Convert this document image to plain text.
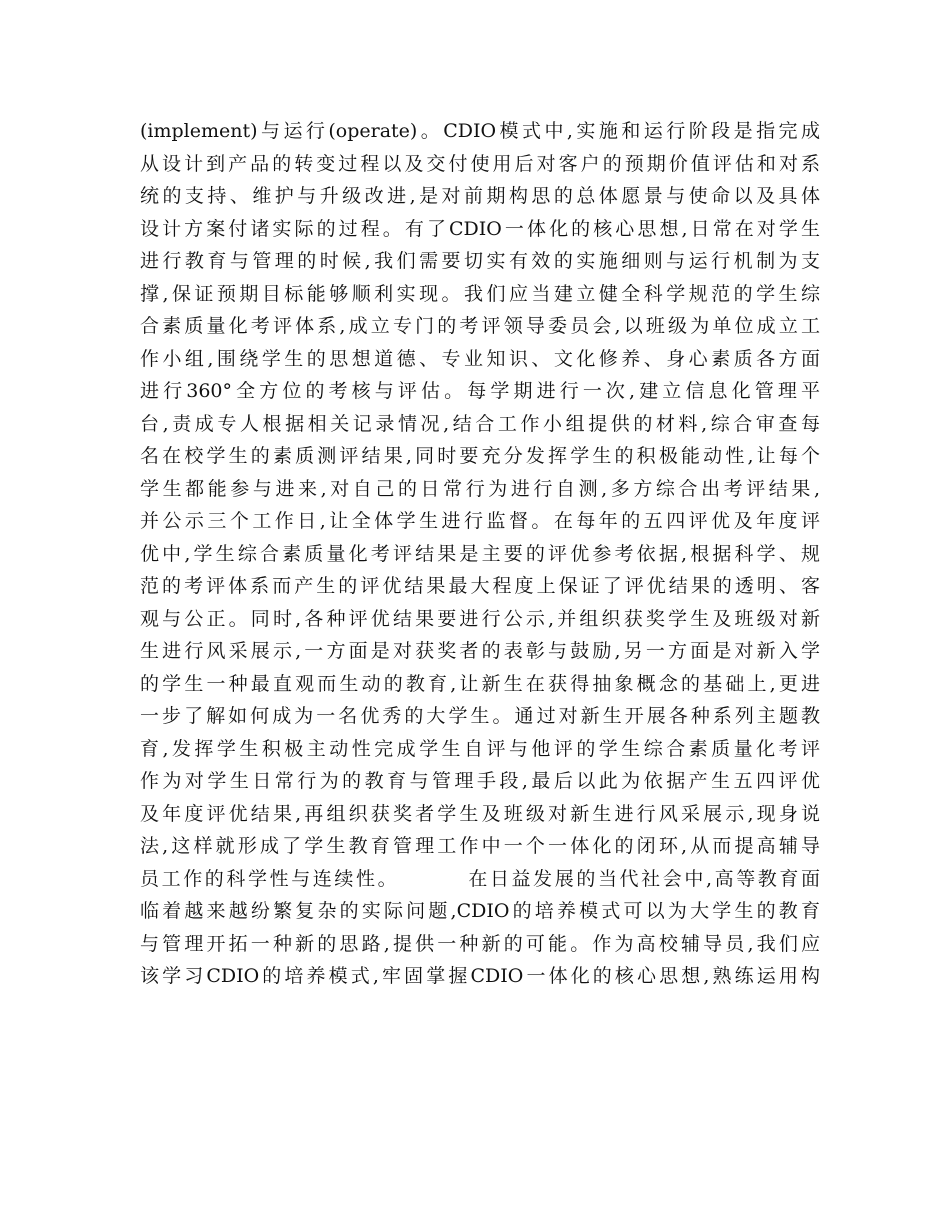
(implement)与运行(operate)。CDIO模式中,实施和运行阶段是指完成
从设计到产品的转变过程以及交付使用后对客户的预期价值评估和对系
统的支持、维护与升级改进,是对前期构思的总体愿景与使命以及具体
设计方案付诸实际的过程。有了CDIO一体化的核心思想,日常在对学生
进行教育与管理的时候,我们需要切实有效的实施细则与运行机制为支
撑,保证预期目标能够顺利实现。我们应当建立健全科学规范的学生综
合素质量化考评体系,成立专门的考评领导委员会,以班级为单位成立工
作小组,围绕学生的思想道德、专业知识、文化修养、身心素质各方面
进行360°全方位的考核与评估。每学期进行一次,建立信息化管理平
台,责成专人根据相关记录情况,结合工作小组提供的材料,综合审查每
名在校学生的素质测评结果,同时要充分发挥学生的积极能动性,让每个
学生都能参与进来,对自己的日常行为进行自测,多方综合出考评结果,
并公示三个工作日,让全体学生进行监督。在每年的五四评优及年度评
优中,学生综合素质量化考评结果是主要的评优参考依据,根据科学、规
范的考评体系而产生的评优结果最大程度上保证了评优结果的透明、客
观与公正。同时,各种评优结果要进行公示,并组织获奖学生及班级对新
生进行风采展示,一方面是对获奖者的表彰与鼓励,另一方面是对新入学
的学生一种最直观而生动的教育,让新生在获得抽象概念的基础上,更进
一步了解如何成为一名优秀的大学生。通过对新生开展各种系列主题教
育,发挥学生积极主动性完成学生自评与他评的学生综合素质量化考评
作为对学生日常行为的教育与管理手段,最后以此为依据产生五四评优
及年度评优结果,再组织获奖者学生及班级对新生进行风采展示,现身说
法,这样就形成了学生教育管理工作中一个一体化的闭环,从而提高辅导
员工作的科学性与连续性。        在日益发展的当代社会中,高等教育面
临着越来越纷繁复杂的实际问题,CDIO的培养模式可以为大学生的教育
与管理开拓一种新的思路,提供一种新的可能。作为高校辅导员,我们应
该学习CDIO的培养模式,牢固掌握CDIO一体化的核心思想,熟练运用构
